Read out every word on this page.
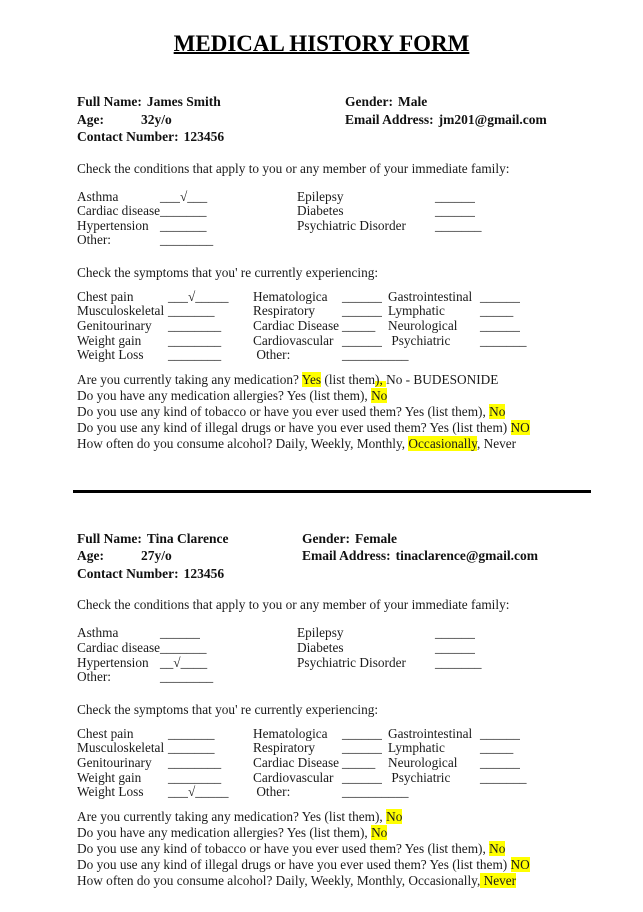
MEDICAL HISTORY FORM
Full Name: James Smith
Age:	32y/o
Contact Number: 123456
Gender: Male
Email Address: jm201@gmail.com

Check the conditions that apply to you or any member of your immediate family:

Asthma	___√___	Epilepsy	______
Cardiac disease_______	Diabetes	______
Hypertension _______	Psychiatric Disorder _______
Other:	________

Check the symptoms that you' re currently experiencing:

Chest pain	___√_____ Hematologica ______ Gastrointestinal ______
Musculoskeletal _______	Respiratory ______ Lymphatic	_____
Genitourinary ________ Cardiac Disease _____ Neurological ______
Weight gain ________ Cardiovascular ______ Psychiatric _______
Weight Loss ________ Other:	__________
Are you currently taking any medication? Yes (list them), No - BUDESONIDE
Do you have any medication allergies? Yes (list them), No
Do you use any kind of tobacco or have you ever used them? Yes (list them), No
Do you use any kind of illegal drugs or have you ever used them? Yes (list them) NO
How often do you consume alcohol? Daily, Weekly, Monthly, Occasionally, Never
Full Name: Tina Clarence
Age:	27y/o
Contact Number: 123456
Gender: Female
Email Address: tinaclarence@gmail.com

Check the conditions that apply to you or any member of your immediate family:

Asthma	______	Epilepsy	______
Cardiac disease_______	Diabetes	______
Hypertension __√____	Psychiatric Disorder _______
Other:	________

Check the symptoms that you' re currently experiencing:

Chest pain	_______	Hematologica ______ Gastrointestinal ______
Musculoskeletal _______	Respiratory ______ Lymphatic	_____
Genitourinary ________ Cardiac Disease _____ Neurological ______
Weight gain ________ Cardiovascular ______ Psychiatric _______
Weight Loss ___√_____ Other:	__________
Are you currently taking any medication? Yes (list them), No
Do you have any medication allergies? Yes (list them), No
Do you use any kind of tobacco or have you ever used them? Yes (list them), No
Do you use any kind of illegal drugs or have you ever used them? Yes (list them) NO
How often do you consume alcohol? Daily, Weekly, Monthly, Occasionally, Never
